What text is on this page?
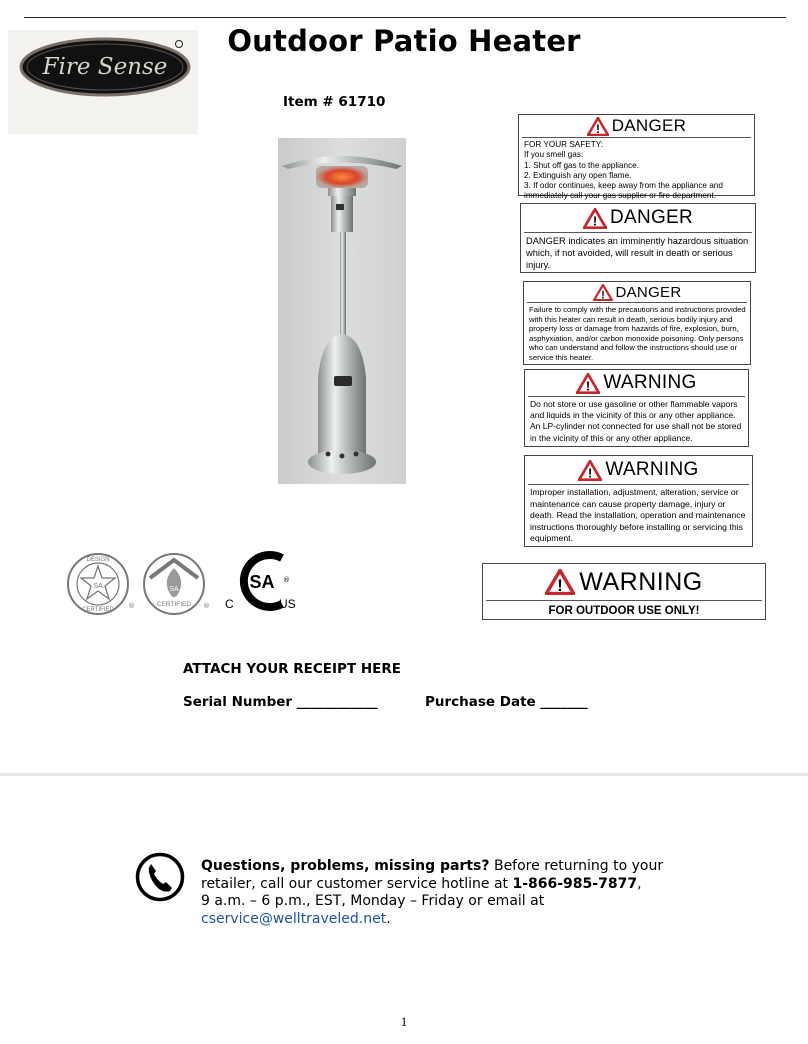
Fire Sense
Outdoor Patio Heater
Item # 61710
! DANGER
FOR YOUR SAFETY:
If you smell gas:
1. Shut off gas to the appliance.
2. Extinguish any open flame.
3. If odor continues, keep away from the appliance and immediately call your gas supplier or fire department.
! DANGER
DANGER indicates an imminently hazardous situation which, if not avoided, will result in death or serious injury.
! DANGER
Failure to comply with the precautions and instructions provided with this heater can result in death, serious bodily injury and property loss or damage from hazards of fire, explosion, burn, asphyxiation, and/or carbon monoxide poisoning. Only persons who can understand and follow the instructions should use or service this heater.
! WARNING
Do not store or use gasoline or other flammable vapors and liquids in the vicinity of this or any other appliance. An LP-cylinder not connected for use shall not be stored in the vicinity of this or any other appliance.
! WARNING
Improper installation, adjustment, alteration, service or maintenance can cause property damage, injury or death. Read the installation, operation and maintenance instructions thoroughly before installing or servicing this equipment.
SA
DESIGN
CERTIFIED ®
SA
CERTIFIED ®
SA
C	US
®	! WARNING
FOR OUTDOOR USE ONLY!
ATTACH YOUR RECEIPT HERE
Serial Number ____________	Purchase Date _______
Questions, problems, missing parts? Before returning to your retailer, call our customer service hotline at 1-866-985-7877,
9 a.m. – 6 p.m., EST, Monday – Friday or email at
cservice@welltraveled.net.
1
